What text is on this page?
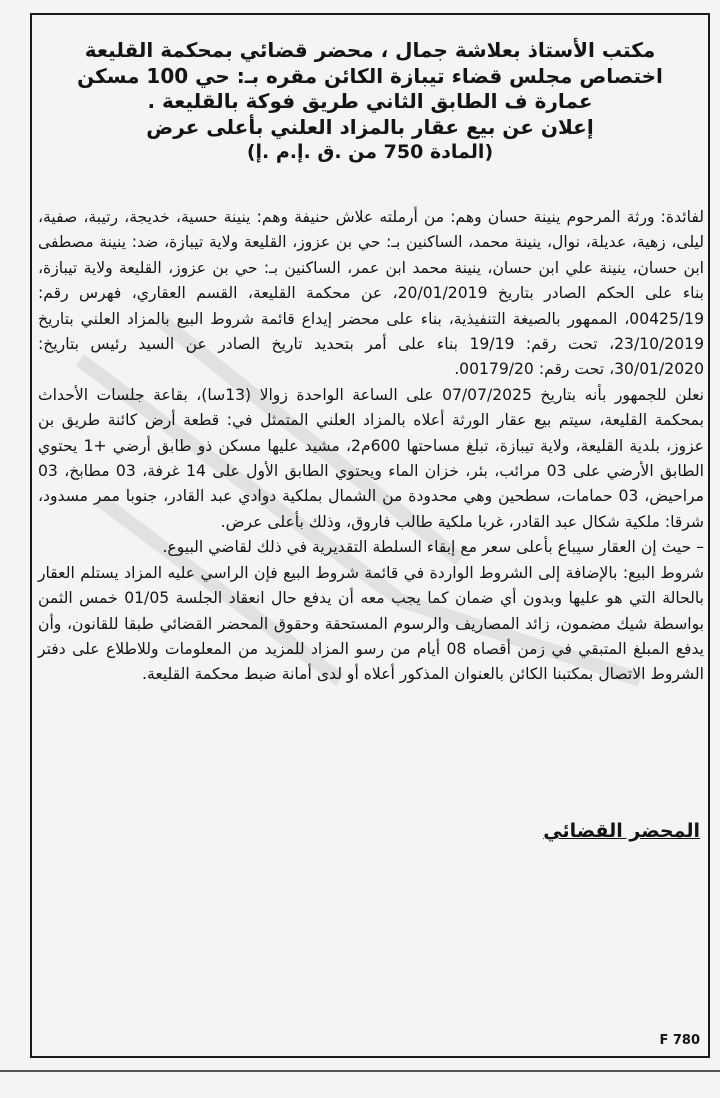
مكتب الأستاذ بعلاشة جمال ، محضر قضائي بمحكمة القليعة
اختصاص مجلس قضاء تيبازة الكائن مقره بـ: حي 100 مسكن
عمارة ف الطابق الثاني طريق فوكة بالقليعة .
إعلان عن بيع عقار بالمزاد العلني بأعلى عرض
(المادة 750 من .ق .إ.م .إ)

لفائدة: ورثة المرحوم ينينة حسان وهم: من أرملته علاش حنيفة وهم: ينينة حسية، خديجة، رتيبة، صفية، ليلى، زهية، عديلة، نوال، ينينة محمد، الساكنين بـ: حي بن عزوز، القليعة ولاية تيبازة، ضد: ينينة مصطفى ابن حسان، ينينة علي ابن حسان، ينينة محمد ابن عمر، الساكنين بـ: حي بن عزوز، القليعة ولاية تيبازة، بناء على الحكم الصادر بتاريخ 20/01/2019، عن محكمة القليعة، القسم العقاري، فهرس رقم: 00425/19، الممهور بالصيغة التنفيذية، بناء على محضر إيداع قائمة شروط البيع بالمزاد العلني بتاريخ 23/10/2019، تحت رقم: 19/19 بناء على أمر بتحديد تاريخ الصادر عن السيد رئيس بتاريخ: 30/01/2020، تحت رقم: 00179/20.

نعلن للجمهور بأنه بتاريخ 07/07/2025 على الساعة الواحدة زوالا (13سا)، بقاعة جلسات الأحداث بمحكمة القليعة، سيتم بيع عقار الورثة أعلاه بالمزاد العلني المتمثل في: قطعة أرض كائنة طريق بن عزوز، بلدية القليعة، ولاية تيبازة، تبلغ مساحتها 600م2، مشيد عليها مسكن ذو طابق أرضي +1 يحتوي الطابق الأرضي على 03 مرائب، بئر، خزان الماء ويحتوي الطابق الأول على 14 غرفة، 03 مطابخ، 03 مراحيض، 03 حمامات، سطحين وهي محدودة من الشمال بملكية دوادي عبد القادر، جنوبا ممر مسدود، شرقا: ملكية شكال عبد القادر، غربا ملكية طالب فاروق، وذلك بأعلى عرض.

– حيث إن العقار سيباع بأعلى سعر مع إبقاء السلطة التقديرية في ذلك لقاضي البيوع.

شروط البيع: بالإضافة إلى الشروط الواردة في قائمة شروط البيع فإن الراسي عليه المزاد يستلم العقار بالحالة التي هو عليها وبدون أي ضمان كما يجب معه أن يدفع حال انعقاد الجلسة 01/05 خمس الثمن بواسطة شيك مضمون، زائد المصاريف والرسوم المستحقة وحقوق المحضر القضائي طبقا للقانون، وأن يدفع المبلغ المتبقي في زمن أقصاه 08 أيام من رسو المزاد للمزيد من المعلومات وللاطلاع على دفتر الشروط الاتصال بمكتبنا الكائن بالعنوان المذكور أعلاه أو لدى أمانة ضبط محكمة القليعة.

المحضر القضائي
F 780
